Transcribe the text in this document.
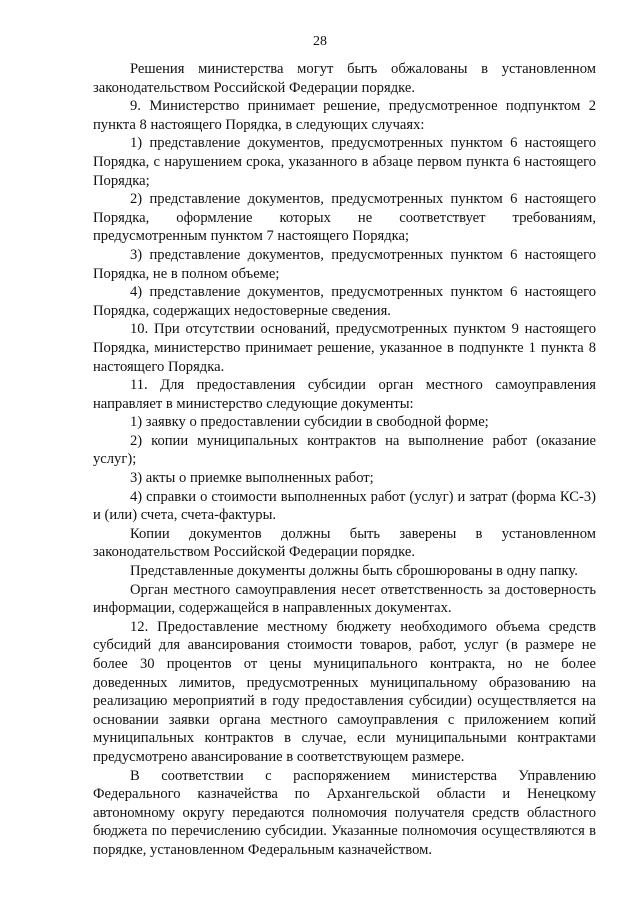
28

Решения министерства могут быть обжалованы в установленном законодательством Российской Федерации порядке.

9. Министерство принимает решение, предусмотренное подпунктом 2 пункта 8 настоящего Порядка, в следующих случаях:

1) представление документов, предусмотренных пунктом 6 настоящего Порядка, с нарушением срока, указанного в абзаце первом пункта 6 настоящего Порядка;

2) представление документов, предусмотренных пунктом 6 настоящего Порядка, оформление которых не соответствует требованиям, предусмотренным пунктом 7 настоящего Порядка;

3) представление документов, предусмотренных пунктом 6 настоящего Порядка, не в полном объеме;

4) представление документов, предусмотренных пунктом 6 настоящего Порядка, содержащих недостоверные сведения.

10. При отсутствии оснований, предусмотренных пунктом 9 настоящего Порядка, министерство принимает решение, указанное в подпункте 1 пункта 8 настоящего Порядка.

11. Для предоставления субсидии орган местного самоуправления направляет в министерство следующие документы:

1) заявку о предоставлении субсидии в свободной форме;

2) копии муниципальных контрактов на выполнение работ (оказание услуг);

3) акты о приемке выполненных работ;

4) справки о стоимости выполненных работ (услуг) и затрат (форма КС-3) и (или) счета, счета-фактуры.

Копии документов должны быть заверены в установленном законодательством Российской Федерации порядке.

Представленные документы должны быть сброшюрованы в одну папку.

Орган местного самоуправления несет ответственность за достоверность информации, содержащейся в направленных документах.

12. Предоставление местному бюджету необходимого объема средств субсидий для авансирования стоимости товаров, работ, услуг (в размере не более 30 процентов от цены муниципального контракта, но не более доведенных лимитов, предусмотренных муниципальному образованию на реализацию мероприятий в году предоставления субсидии) осуществляется на основании заявки органа местного самоуправления с приложением копий муниципальных контрактов в случае, если муниципальными контрактами предусмотрено авансирование в соответствующем размере.

В соответствии с распоряжением министерства Управлению Федерального казначейства по Архангельской области и Ненецкому автономному округу передаются полномочия получателя средств областного бюджета по перечислению субсидии. Указанные полномочия осуществляются в порядке, установленном Федеральным казначейством.
